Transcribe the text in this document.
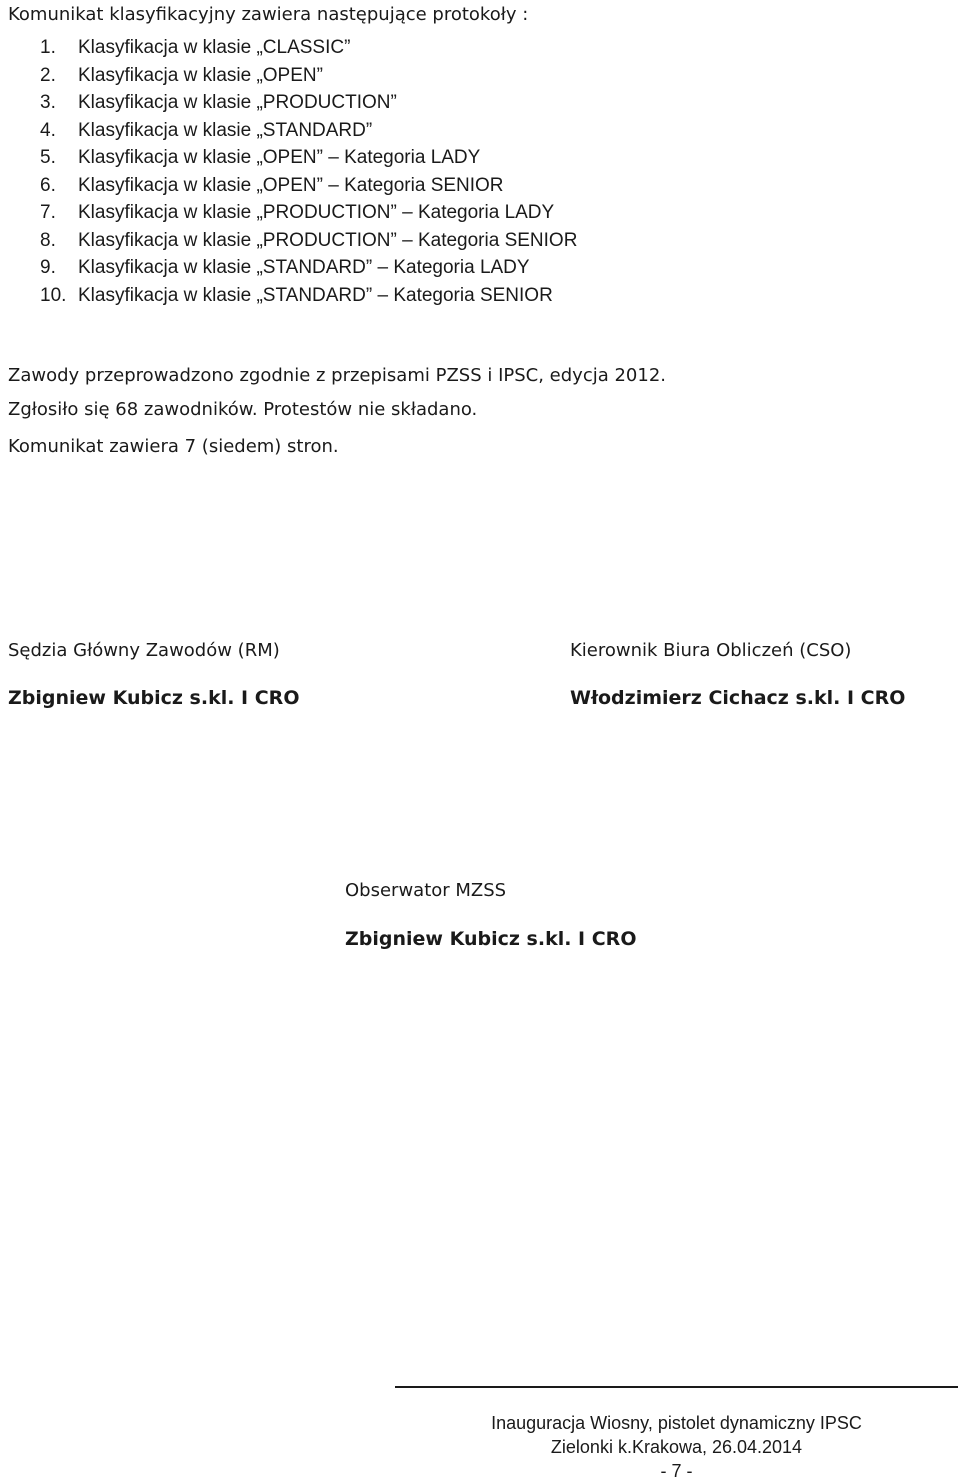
Komunikat klasyfikacyjny zawiera następujące protokoły :
1. Klasyfikacja w klasie „CLASSIC”
2. Klasyfikacja w klasie „OPEN”
3. Klasyfikacja w klasie „PRODUCTION”
4. Klasyfikacja w klasie „STANDARD”
5. Klasyfikacja w klasie „OPEN” – Kategoria LADY
6. Klasyfikacja w klasie „OPEN” – Kategoria SENIOR
7. Klasyfikacja w klasie „PRODUCTION” – Kategoria LADY
8. Klasyfikacja w klasie „PRODUCTION” – Kategoria SENIOR
9. Klasyfikacja w klasie „STANDARD” – Kategoria LADY
10. Klasyfikacja w klasie „STANDARD” – Kategoria SENIOR
Zawody przeprowadzono zgodnie z przepisami PZSS i IPSC, edycja 2012.
Zgłosiło się 68 zawodników. Protestów nie składano.
Komunikat zawiera 7 (siedem) stron.
Sędzia Główny Zawodów (RM)
Zbigniew Kubicz s.kl. I CRO
Kierownik Biura Obliczeń (CSO)
Włodzimierz Cichacz s.kl. I CRO
Obserwator MZSS
Zbigniew Kubicz s.kl. I CRO
Inauguracja Wiosny, pistolet dynamiczny IPSC
Zielonki k.Krakowa, 26.04.2014
- 7 -
